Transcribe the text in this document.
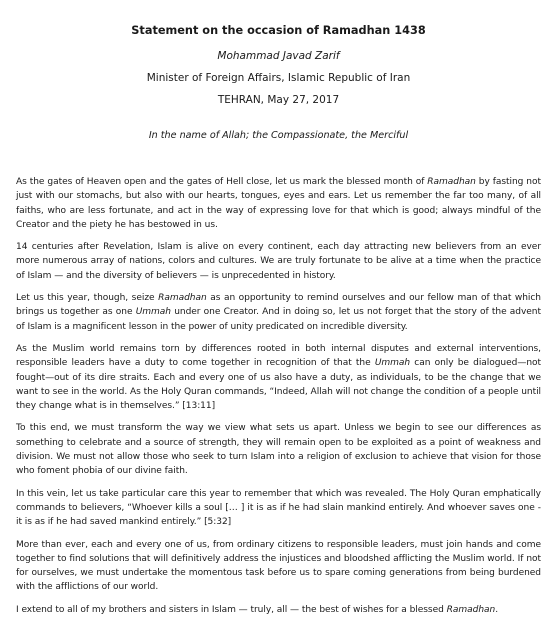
Statement on the occasion of Ramadhan 1438
Mohammad Javad Zarif
Minister of Foreign Affairs, Islamic Republic of Iran
TEHRAN, May 27, 2017
In the name of Allah; the Compassionate, the Merciful

As the gates of Heaven open and the gates of Hell close, let us mark the blessed month of Ramadhan by fasting not just with our stomachs, but also with our hearts, tongues, eyes and ears. Let us remember the far too many, of all faiths, who are less fortunate, and act in the way of expressing love for that which is good; always mindful of the Creator and the piety he has bestowed in us.

14 centuries after Revelation, Islam is alive on every continent, each day attracting new believers from an ever more numerous array of nations, colors and cultures. We are truly fortunate to be alive at a time when the practice of Islam — and the diversity of believers — is unprecedented in history.

Let us this year, though, seize Ramadhan as an opportunity to remind ourselves and our fellow man of that which brings us together as one Ummah under one Creator. And in doing so, let us not forget that the story of the advent of Islam is a magnificent lesson in the power of unity predicated on incredible diversity.

As the Muslim world remains torn by differences rooted in both internal disputes and external interventions, responsible leaders have a duty to come together in recognition of that the Ummah can only be dialogued—not fought—out of its dire straits. Each and every one of us also have a duty, as individuals, to be the change that we want to see in the world. As the Holy Quran commands, “Indeed, Allah will not change the condition of a people until they change what is in themselves.” [13:11]

To this end, we must transform the way we view what sets us apart. Unless we begin to see our differences as something to celebrate and a source of strength, they will remain open to be exploited as a point of weakness and division. We must not allow those who seek to turn Islam into a religion of exclusion to achieve that vision for those who foment phobia of our divine faith.

In this vein, let us take particular care this year to remember that which was revealed. The Holy Quran emphatically commands to believers, “Whoever kills a soul [… ] it is as if he had slain mankind entirely. And whoever saves one - it is as if he had saved mankind entirely.” [5:32]

More than ever, each and every one of us, from ordinary citizens to responsible leaders, must join hands and come together to find solutions that will definitively address the injustices and bloodshed afflicting the Muslim world. If not for ourselves, we must undertake the momentous task before us to spare coming generations from being burdened with the afflictions of our world.

I extend to all of my brothers and sisters in Islam — truly, all — the best of wishes for a blessed Ramadhan.
